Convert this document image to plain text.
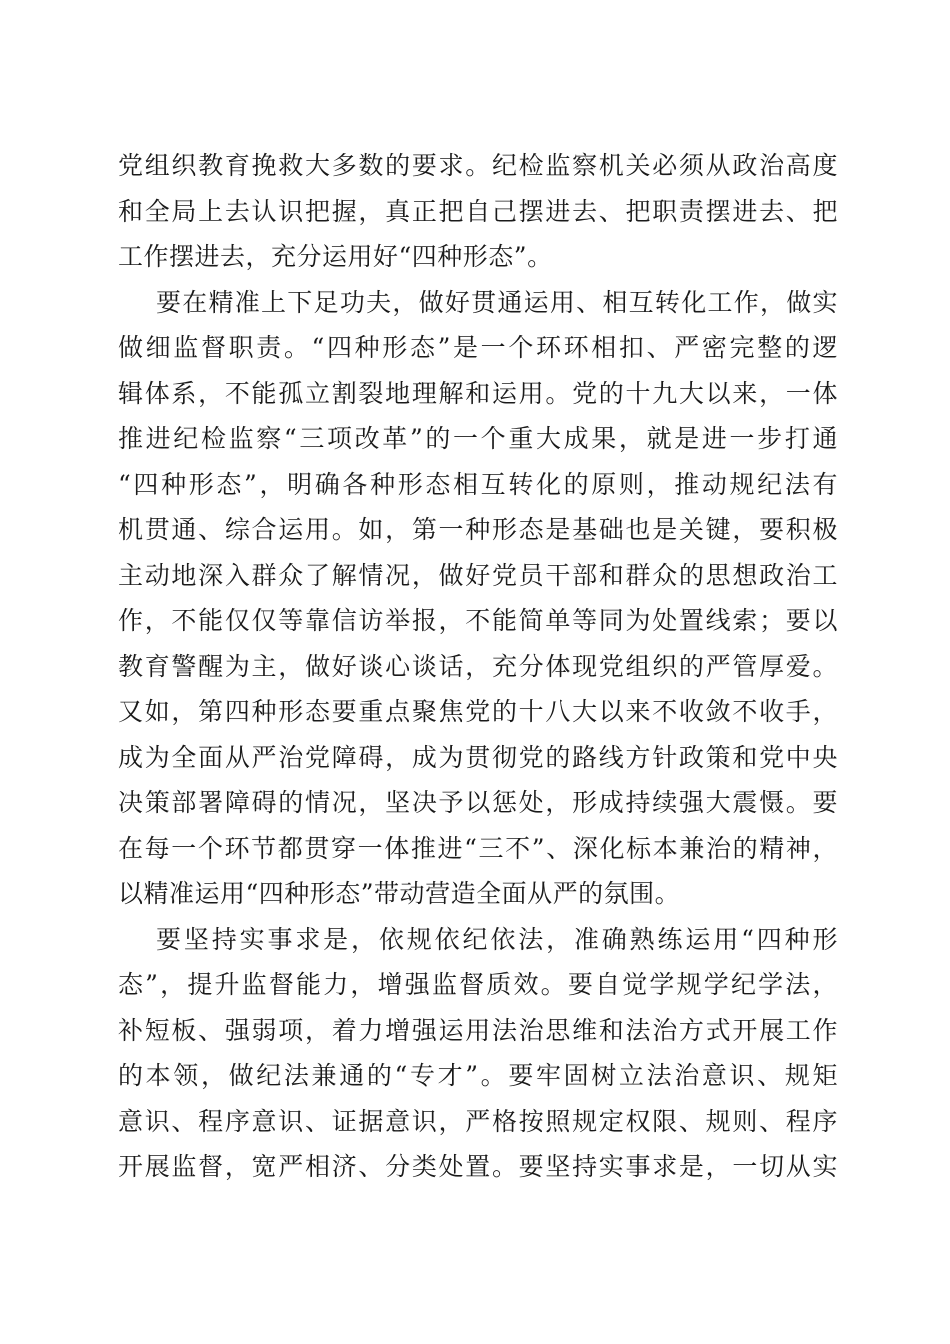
党组织教育挽救大多数的要求。纪检监察机关必须从政治高度
和全局上去认识把握，真正把自己摆进去、把职责摆进去、把
工作摆进去，充分运用好“四种形态”。
要在精准上下足功夫，做好贯通运用、相互转化工作，做实
做细监督职责。“四种形态”是一个环环相扣、严密完整的逻
辑体系，不能孤立割裂地理解和运用。党的十九大以来，一体
推进纪检监察“三项改革”的一个重大成果，就是进一步打通
“四种形态”，明确各种形态相互转化的原则，推动规纪法有
机贯通、综合运用。如，第一种形态是基础也是关键，要积极
主动地深入群众了解情况，做好党员干部和群众的思想政治工
作，不能仅仅等靠信访举报，不能简单等同为处置线索；要以
教育警醒为主，做好谈心谈话，充分体现党组织的严管厚爱。
又如，第四种形态要重点聚焦党的十八大以来不收敛不收手，
成为全面从严治党障碍，成为贯彻党的路线方针政策和党中央
决策部署障碍的情况，坚决予以惩处，形成持续强大震慑。要
在每一个环节都贯穿一体推进“三不”、深化标本兼治的精神，
以精准运用“四种形态”带动营造全面从严的氛围。
要坚持实事求是，依规依纪依法，准确熟练运用“四种形
态”，提升监督能力，增强监督质效。要自觉学规学纪学法，
补短板、强弱项，着力增强运用法治思维和法治方式开展工作
的本领，做纪法兼通的“专才”。要牢固树立法治意识、规矩
意识、程序意识、证据意识，严格按照规定权限、规则、程序
开展监督，宽严相济、分类处置。要坚持实事求是，一切从实
